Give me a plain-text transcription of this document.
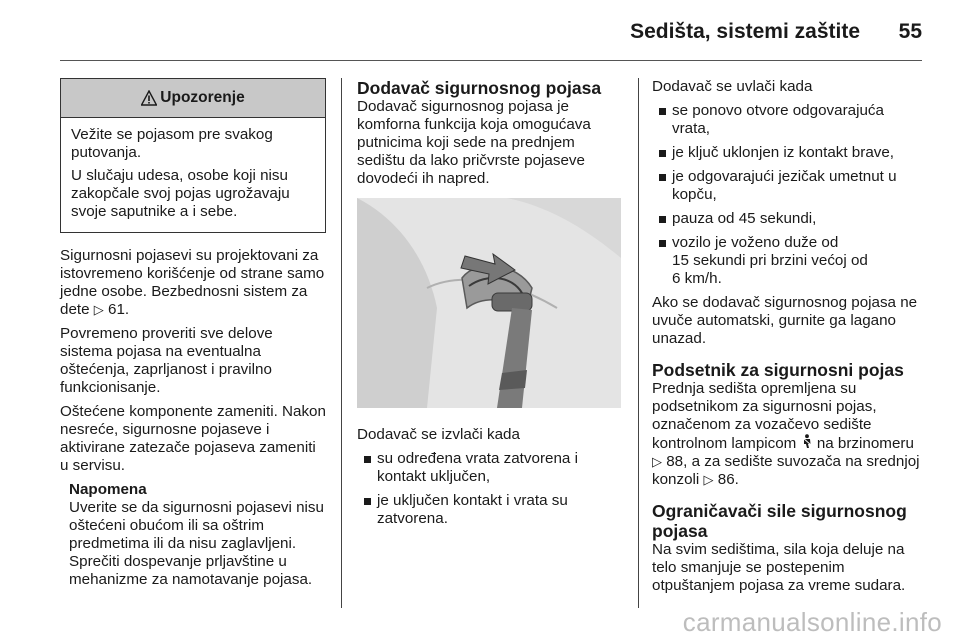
Sedišta, sistemi zaštite 55
Upozorenje

Vežite se pojasom pre svakog putovanja.

U slučaju udesa, osobe koji nisu zakopčale svoj pojas ugrožavaju svoje saputnike a i sebe.

Sigurnosni pojasevi su projektovani za istovremeno korišćenje od strane samo jedne osobe. Bezbednosni sistem za dete ▷ 61.

Povremeno proveriti sve delove sistema pojasa na eventualna oštećenja, zaprljanost i pravilno funkcionisanje.

Oštećene komponente zameniti. Nakon nesreće, sigurnosne pojaseve i aktivirane zatezače pojaseva zameniti u servisu.

Napomena
Uverite se da sigurnosni pojasevi nisu oštećeni obućom ili sa oštrim predmetima ili da nisu zaglavljeni. Sprečiti dospevanje prljavštine u mehanizme za namotavanje pojasa.
Dodavač sigurnosnog pojasa

Dodavač sigurnosnog pojasa je komforna funkcija koja omogućava putnicima koji sede na prednjem sedištu da lako pričvrste pojaseve dovodeći ih napred.

Dodavač se izvlači kada

su određena vrata zatvorena i kontakt uključen,
je uključen kontakt i vrata su zatvorena.

Dodavač se uvlači kada

se ponovo otvore odgovarajuća vrata,
je ključ uklonjen iz kontakt brave,
je odgovarajući jezičak umetnut u kopču,
pauza od 45 sekundi,
vozilo je voženo duže od
15 sekundi pri brzini većoj od
6 km/h.

Ako se dodavač sigurnosnog pojasa ne uvuče automatski, gurnite ga lagano unazad.

Podsetnik za sigurnosni pojas

Prednja sedišta opremljena su podsetnikom za sigurnosni pojas, označenom za vozačevo sedište kontrolnom lampicom na brzinomeru ▷ 88, a za sedište suvozača na srednjoj konzoli ▷ 86.

Ograničavači sile sigurnosnog pojasa

Na svim sedištima, sila koja deluje na telo smanjuje se postepenim otpuštanjem pojasa za vreme sudara.

carmanualsonline.info
